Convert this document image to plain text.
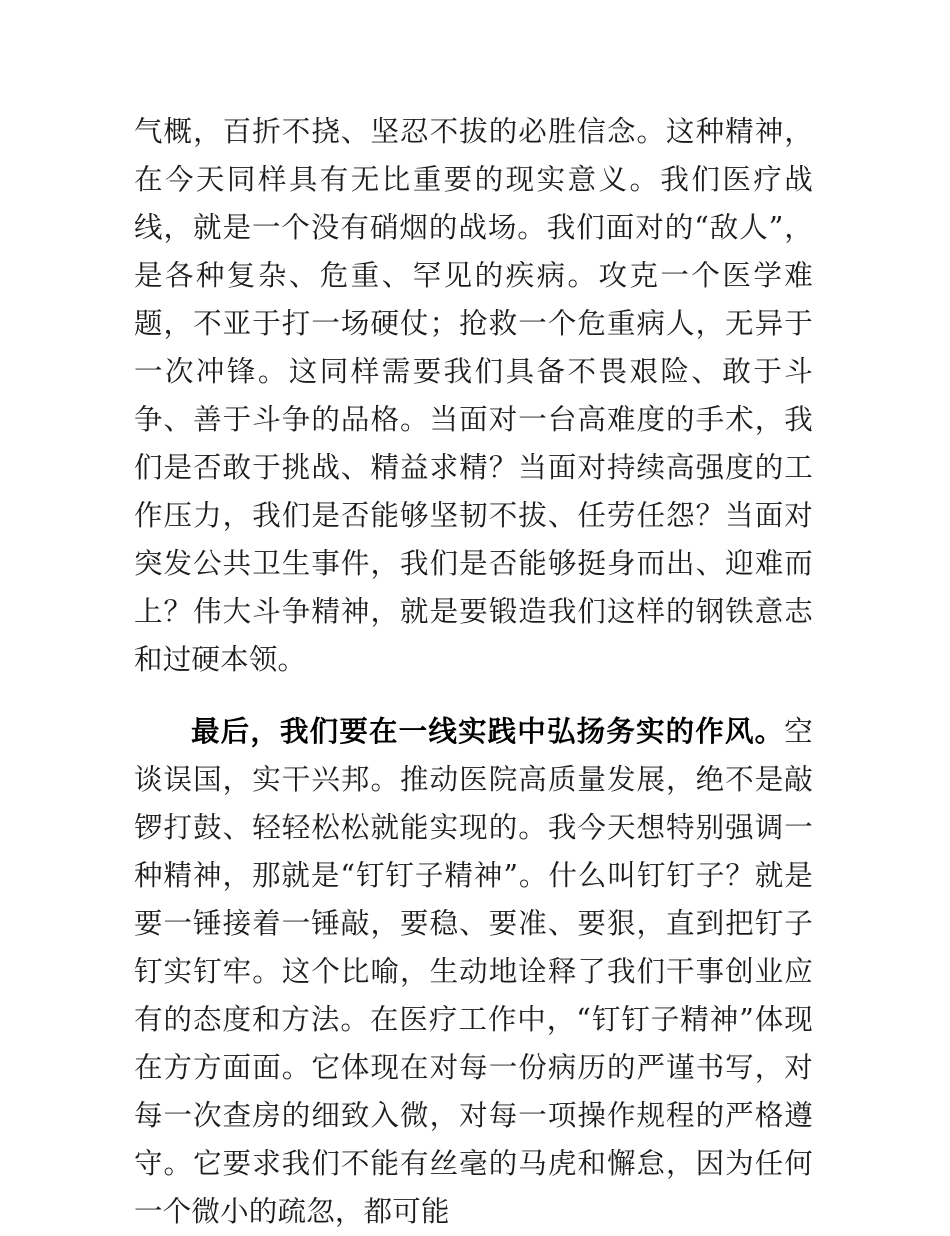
气概，百折不挠、坚忍不拔的必胜信念。这种精神，在今天同样具有无比重要的现实意义。我们医疗战线，就是一个没有硝烟的战场。我们面对的“敌人”，是各种复杂、危重、罕见的疾病。攻克一个医学难题，不亚于打一场硬仗；抢救一个危重病人，无异于一次冲锋。这同样需要我们具备不畏艰险、敢于斗争、善于斗争的品格。当面对一台高难度的手术，我们是否敢于挑战、精益求精？当面对持续高强度的工作压力，我们是否能够坚韧不拔、任劳任怨？当面对突发公共卫生事件，我们是否能够挺身而出、迎难而上？伟大斗争精神，就是要锻造我们这样的钢铁意志和过硬本领。

最后，我们要在一线实践中弘扬务实的作风。空谈误国，实干兴邦。推动医院高质量发展，绝不是敲锣打鼓、轻轻松松就能实现的。我今天想特别强调一种精神，那就是“钉钉子精神”。什么叫钉钉子？就是要一锤接着一锤敲，要稳、要准、要狠，直到把钉子钉实钉牢。这个比喻，生动地诠释了我们干事创业应有的态度和方法。在医疗工作中，“钉钉子精神”体现在方方面面。它体现在对每一份病历的严谨书写，对每一次查房的细致入微，对每一项操作规程的严格遵守。它要求我们不能有丝毫的马虎和懈怠，因为任何一个微小的疏忽，都可能
